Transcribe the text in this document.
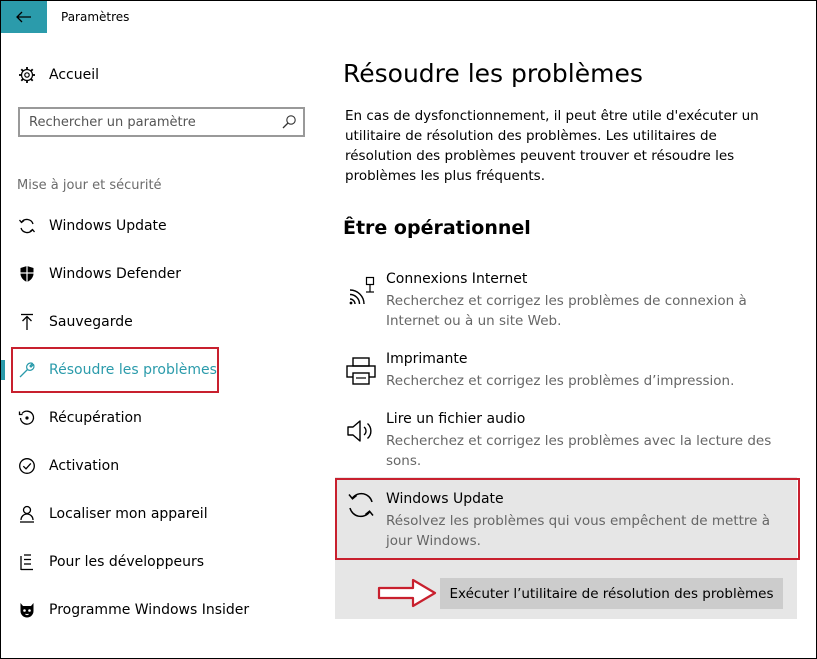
Paramètres
Accueil
Rechercher un paramètre
Mise à jour et sécurité
Windows Update
Windows Defender
Sauvegarde
Résoudre les problèmes
Récupération
Activation
Localiser mon appareil
Pour les développeurs
Programme Windows Insider
Résoudre les problèmes

En cas de dysfonctionnement, il peut être utile d'exécuter un utilitaire de résolution des problèmes. Les utilitaires de résolution des problèmes peuvent trouver et résoudre les problèmes les plus fréquents.

Être opérationnel
Connexions Internet
Recherchez et corrigez les problèmes de connexion à Internet ou à un site Web.
Imprimante
Recherchez et corrigez les problèmes d’impression.
Lire un fichier audio
Recherchez et corrigez les problèmes avec la lecture des sons.
Windows Update
Résolvez les problèmes qui vous empêchent de mettre à jour Windows.
Exécuter l’utilitaire de résolution des problèmes
